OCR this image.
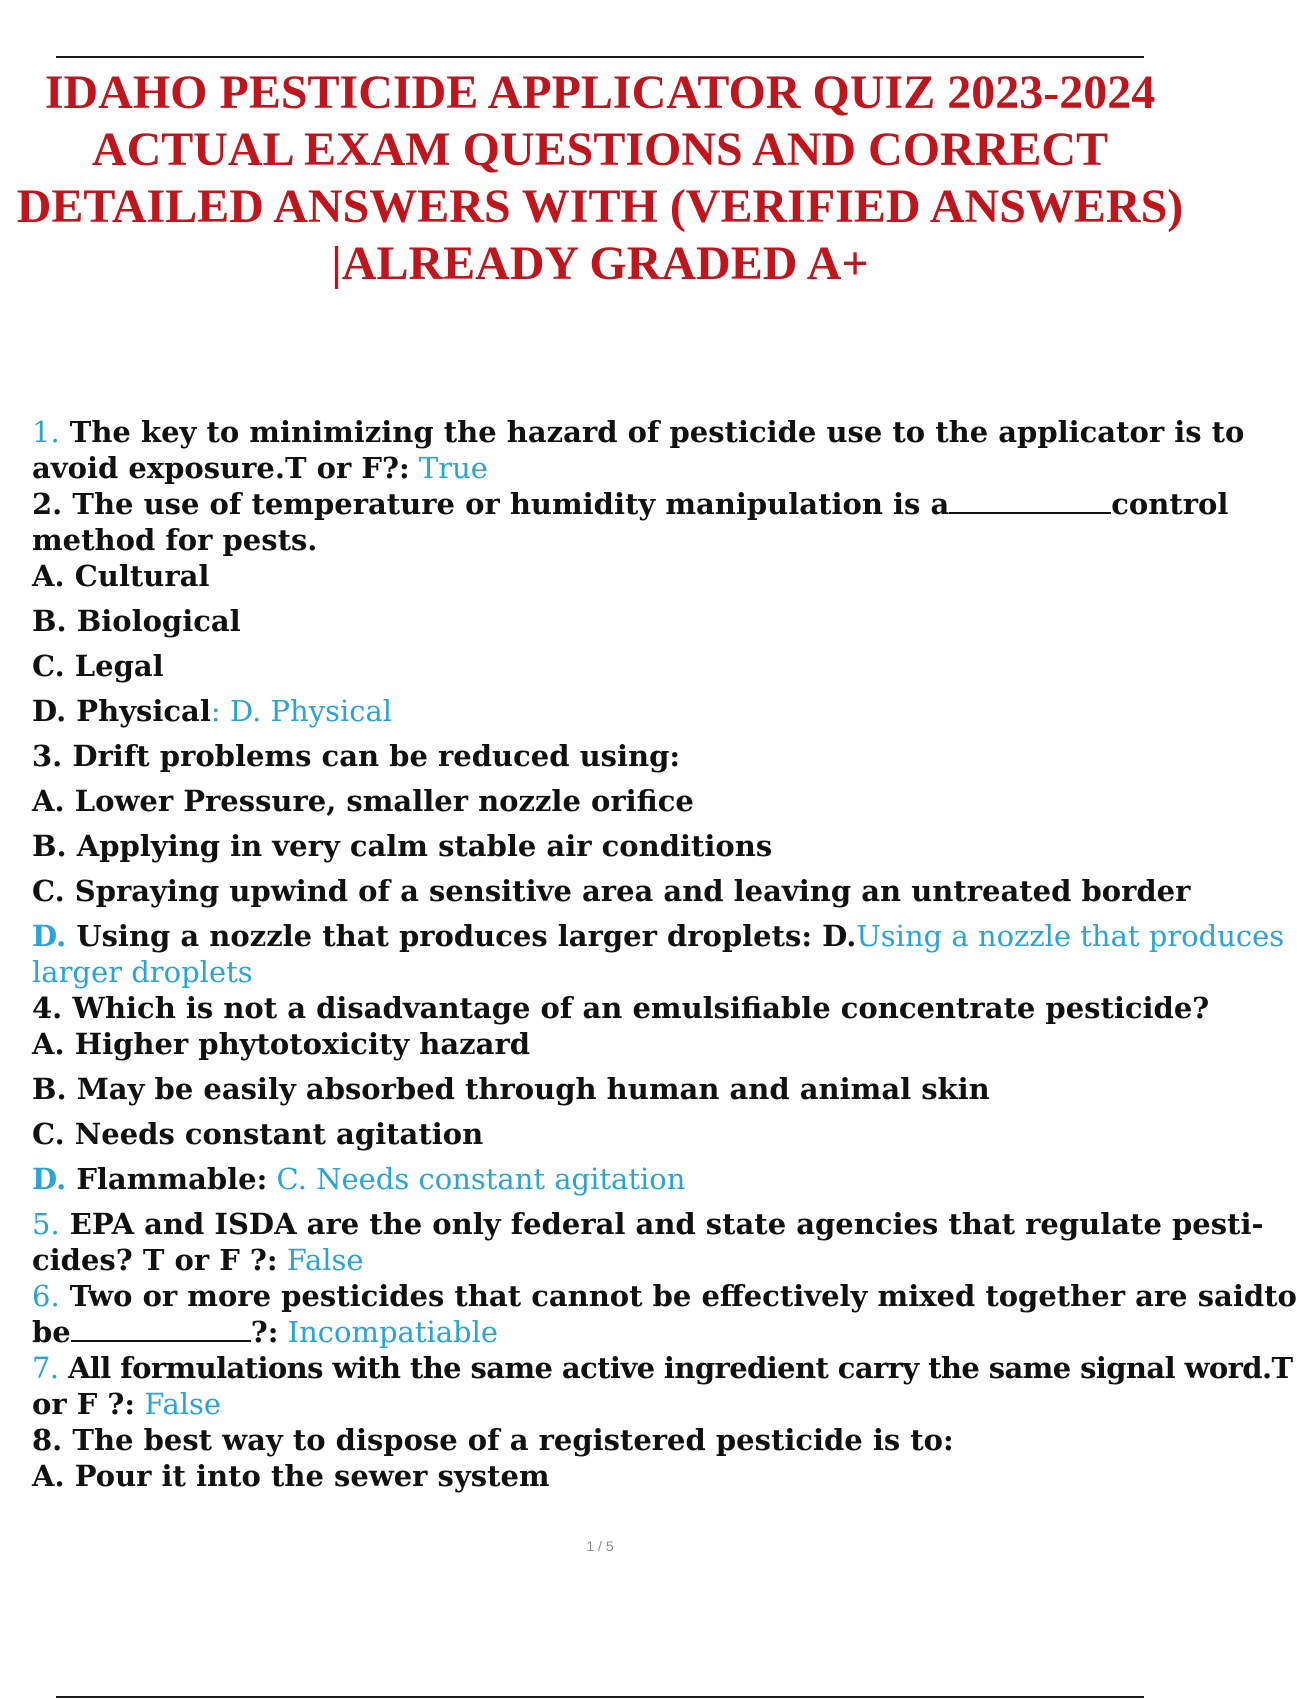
IDAHO PESTICIDE APPLICATOR QUIZ 2023-2024
ACTUAL EXAM QUESTIONS AND CORRECT
DETAILED ANSWERS WITH (VERIFIED ANSWERS)
|ALREADY GRADED A+
1. The key to minimizing the hazard of pesticide use to the applicator is to
avoid exposure.T or F?: True
2. The use of temperature or humidity manipulation is a	control
method for pests.
A. Cultural
B. Biological
C. Legal
D. Physical: D. Physical
3. Drift problems can be reduced using:
A. Lower Pressure, smaller nozzle orifice
B. Applying in very calm stable air conditions
C. Spraying upwind of a sensitive area and leaving an untreated border
D. Using a nozzle that produces larger droplets: D.Using a nozzle that produces
larger droplets
4. Which is not a disadvantage of an emulsifiable concentrate pesticide?
A. Higher phytotoxicity hazard
B. May be easily absorbed through human and animal skin
C. Needs constant agitation
D. Flammable: C. Needs constant agitation
5. EPA and ISDA are the only federal and state agencies that regulate pesti-
cides? T or F ?: False
6. Two or more pesticides that cannot be effectively mixed together are saidto
be	?: Incompatiable
7. All formulations with the same active ingredient carry the same signal word.T
or F ?: False
8. The best way to dispose of a registered pesticide is to:
A. Pour it into the sewer system
1 / 5
